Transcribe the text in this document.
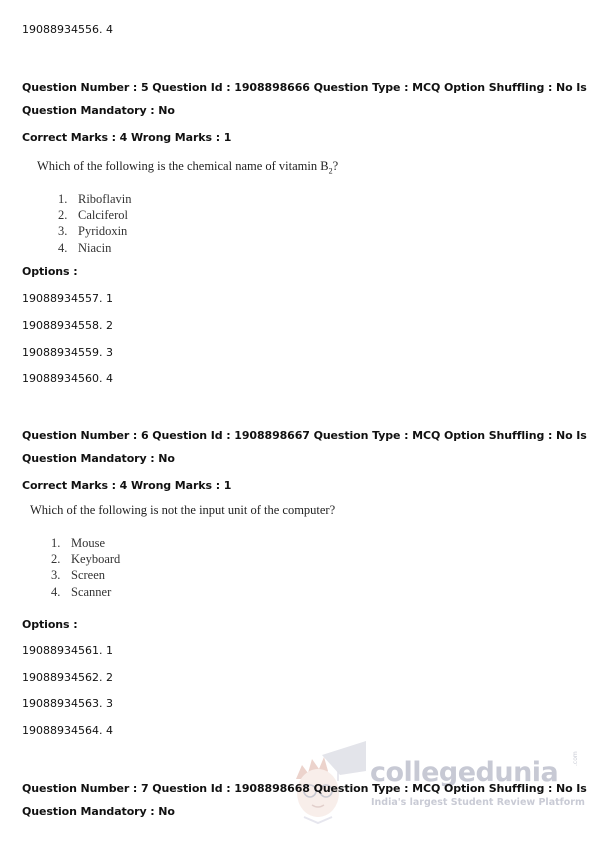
19088934556. 4
Question Number : 5 Question Id : 1908898666 Question Type : MCQ Option Shuffling : No Is
Question Mandatory : No
Correct Marks : 4 Wrong Marks : 1
Which of the following is the chemical name of vitamin $B_2$?
1. Riboflavin
2. Calciferol
3. Pyridoxin
4. Niacin
Options :
19088934557. 1
19088934558. 2
19088934559. 3
19088934560. 4
Question Number : 6 Question Id : 1908898667 Question Type : MCQ Option Shuffling : No Is
Question Mandatory : No
Correct Marks : 4 Wrong Marks : 1
Which of the following is not the input unit of the computer?
1. Mouse
2. Keyboard
3. Screen
4. Scanner
Options :
19088934561. 1
19088934562. 2
19088934563. 3
19088934564. 4
collegedunia .com
India's largest Student Review Platform
Question Number : 7 Question Id : 1908898668 Question Type : MCQ Option Shuffling : No Is
Question Mandatory : No
